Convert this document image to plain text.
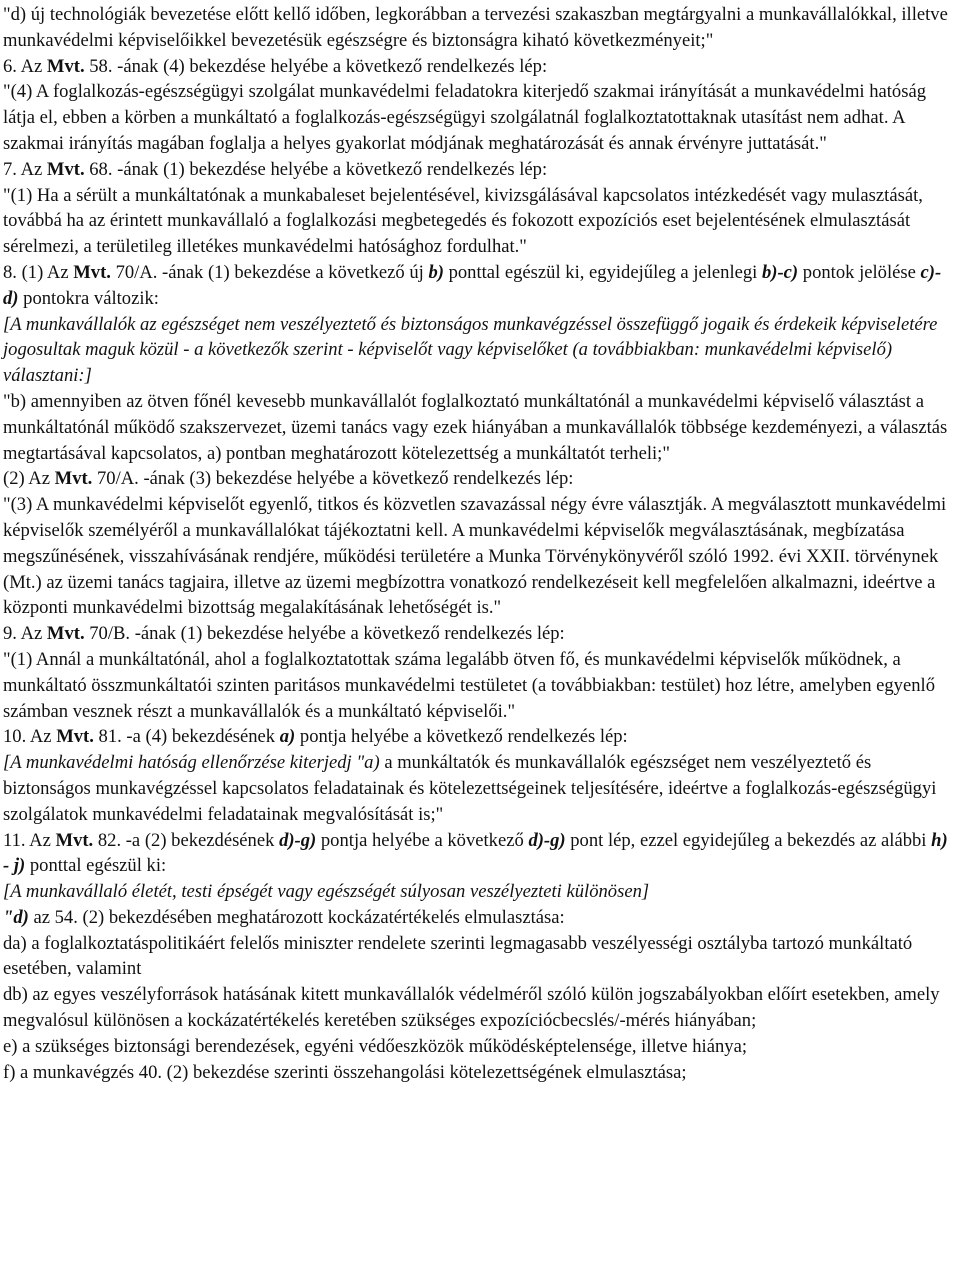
"d) új technológiák bevezetése előtt kellő időben, legkorábban a tervezési szakaszban megtárgyalni a munkavállalókkal, illetve munkavédelmi képviselőikkel bevezetésük egészségre és biztonságra kiható következményeit;"

6. Az Mvt. 58. -ának (4) bekezdése helyébe a következő rendelkezés lép:

"(4) A foglalkozás-egészségügyi szolgálat munkavédelmi feladatokra kiterjedő szakmai irányítását a munkavédelmi hatóság látja el, ebben a körben a munkáltató a foglalkozás-egészségügyi szolgálatnál foglalkoztatottaknak utasítást nem adhat. A szakmai irányítás magában foglalja a helyes gyakorlat módjának meghatározását és annak érvényre juttatását."

7. Az Mvt. 68. -ának (1) bekezdése helyébe a következő rendelkezés lép:

"(1) Ha a sérült a munkáltatónak a munkabaleset bejelentésével, kivizsgálásával kapcsolatos intézkedését vagy mulasztását, továbbá ha az érintett munkavállaló a foglalkozási megbetegedés és fokozott expozíciós eset bejelentésének elmulasztását sérelmezi, a területileg illetékes munkavédelmi hatósághoz fordulhat."

8. (1) Az Mvt. 70/A. -ának (1) bekezdése a következő új b) ponttal egészül ki, egyidejűleg a jelenlegi b)-c) pontok jelölése c)-d) pontokra változik:

[A munkavállalók az egészséget nem veszélyeztető és biztonságos munkavégzéssel összefüggő jogaik és érdekeik képviseletére jogosultak maguk közül - a következők szerint - képviselőt vagy képviselőket (a továbbiakban: munkavédelmi képviselő) választani:]

"b) amennyiben az ötven főnél kevesebb munkavállalót foglalkoztató munkáltatónál a munkavédelmi képviselő választást a munkáltatónál működő szakszervezet, üzemi tanács vagy ezek hiányában a munkavállalók többsége kezdeményezi, a választás megtartásával kapcsolatos, a) pontban meghatározott kötelezettség a munkáltatót terheli;"

(2) Az Mvt. 70/A. -ának (3) bekezdése helyébe a következő rendelkezés lép:

"(3) A munkavédelmi képviselőt egyenlő, titkos és közvetlen szavazással négy évre választják. A megválasztott munkavédelmi képviselők személyéről a munkavállalókat tájékoztatni kell. A munkavédelmi képviselők megválasztásának, megbízatása megszűnésének, visszahívásának rendjére, működési területére a Munka Törvénykönyvéről szóló 1992. évi XXII. törvénynek (Mt.) az üzemi tanács tagjaira, illetve az üzemi megbízottra vonatkozó rendelkezéseit kell megfelelően alkalmazni, ideértve a központi munkavédelmi bizottság megalakításának lehetőségét is."

9. Az Mvt. 70/B. -ának (1) bekezdése helyébe a következő rendelkezés lép:

"(1) Annál a munkáltatónál, ahol a foglalkoztatottak száma legalább ötven fő, és munkavédelmi képviselők működnek, a munkáltató összmunkáltatói szinten paritásos munkavédelmi testületet (a továbbiakban: testület) hoz létre, amelyben egyenlő számban vesznek részt a munkavállalók és a munkáltató képviselői."

10. Az Mvt. 81. -a (4) bekezdésének a) pontja helyébe a következő rendelkezés lép:

[A munkavédelmi hatóság ellenőrzése kiterjedj "a) a munkáltatók és munkavállalók egészséget nem veszélyeztető és biztonságos munkavégzéssel kapcsolatos feladatainak és kötelezettségeinek teljesítésére, ideértve a foglalkozás-egészségügyi szolgálatok munkavédelmi feladatainak megvalósítását is;"

11. Az Mvt. 82. -a (2) bekezdésének d)-g) pontja helyébe a következő d)-g) pont lép, ezzel egyidejűleg a bekezdés az alábbi h) - j) ponttal egészül ki:

[A munkavállaló életét, testi épségét vagy egészségét súlyosan veszélyezteti különösen]

"d) az 54. (2) bekezdésében meghatározott kockázatértékelés elmulasztása:

da) a foglalkoztatáspolitikáért felelős miniszter rendelete szerinti legmagasabb veszélyességi osztályba tartozó munkáltató esetében, valamint

db) az egyes veszélyforrások hatásának kitett munkavállalók védelméről szóló külön jogszabályokban előírt esetekben, amely megvalósul különösen a kockázatértékelés keretében szükséges expozíciócbecslés/-mérés hiányában;

e) a szükséges biztonsági berendezések, egyéni védőeszközök működésképtelensége, illetve hiánya;

f) a munkavégzés 40. (2) bekezdése szerinti összehangolási kötelezettségének elmulasztása;
